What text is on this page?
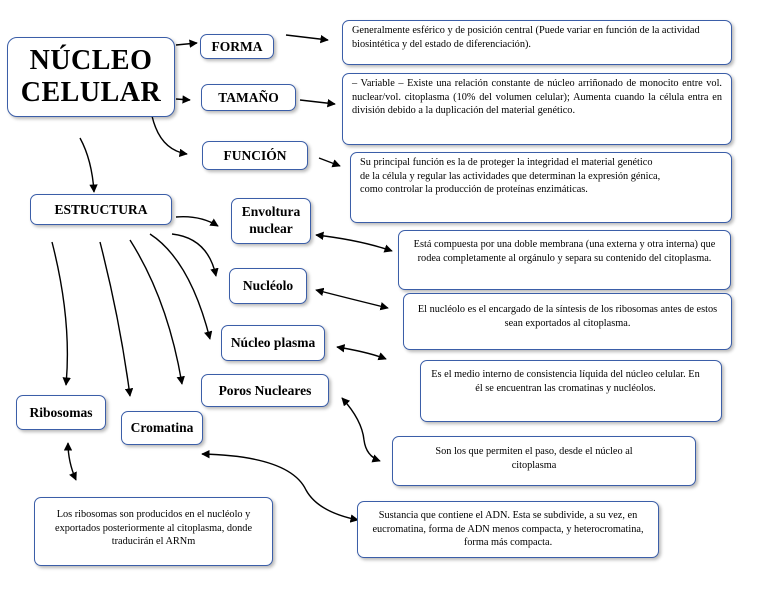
NÚCLEO
CELULAR
FORMA
TAMAÑO
FUNCIÓN
ESTRUCTURA	Envoltura nuclear
Nucléolo
Núcleo plasma
Poros Nucleares
Ribosomas
Cromatina
Generalmente esférico y de posición central (Puede variar en función de la actividad biosintética y del estado de diferenciación).
– Variable – Existe una relación constante de núcleo arriñonado de monocito entre vol. nuclear/vol. citoplasma (10% del volumen celular); Aumenta cuando la célula entra en división debido a la duplicación del material genético.
Su principal función es la de proteger la integridad el material genético de la célula y regular las actividades que determinan la expresión génica, como controlar la producción de proteínas enzimáticas.
Está compuesta por una doble membrana (una externa y otra interna) que rodea completamente al orgánulo y separa su contenido del citoplasma.
El nucléolo es el encargado de la síntesis de los ribosomas antes de estos sean exportados al citoplasma.
Es el medio interno de consistencia líquida del núcleo celular. En él se encuentran las cromatinas y nucléolos.
Son los que permiten el paso, desde el núcleo al citoplasma
Sustancia que contiene el ADN. Esta se subdivide, a su vez, en eucromatina, forma de ADN menos compacta, y heterocromatina, forma más compacta.
Los ribosomas son producidos en el nucléolo y exportados posteriormente al citoplasma, donde traducirán el ARNm
